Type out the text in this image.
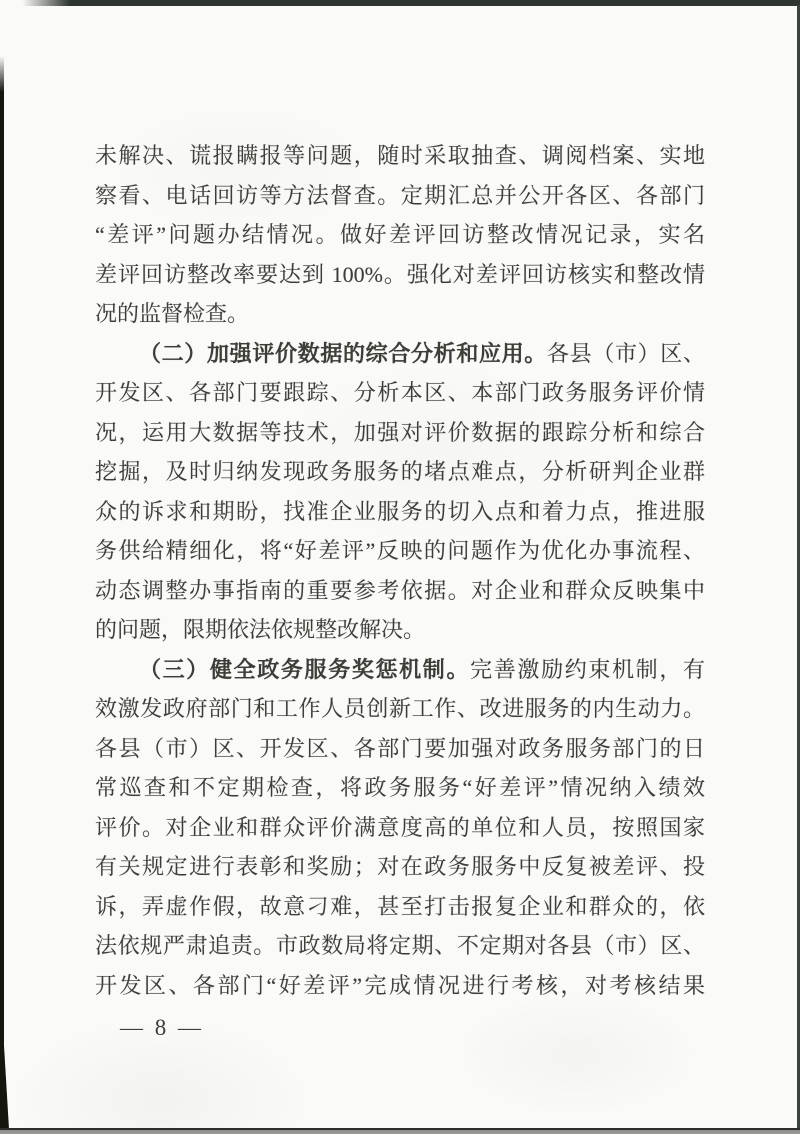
未解决、谎报瞒报等问题，随时采取抽查、调阅档案、实地
察看、电话回访等方法督查。定期汇总并公开各区、各部门
“差评”问题办结情况。做好差评回访整改情况记录，实名
差评回访整改率要达到 100%。强化对差评回访核实和整改情
况的监督检查。
（二）加强评价数据的综合分析和应用。各县（市）区、
开发区、各部门要跟踪、分析本区、本部门政务服务评价情
况，运用大数据等技术，加强对评价数据的跟踪分析和综合
挖掘，及时归纳发现政务服务的堵点难点，分析研判企业群
众的诉求和期盼，找准企业服务的切入点和着力点，推进服
务供给精细化，将“好差评”反映的问题作为优化办事流程、
动态调整办事指南的重要参考依据。对企业和群众反映集中
的问题，限期依法依规整改解决。
（三）健全政务服务奖惩机制。完善激励约束机制，有
效激发政府部门和工作人员创新工作、改进服务的内生动力。
各县（市）区、开发区、各部门要加强对政务服务部门的日
常巡查和不定期检查，将政务服务“好差评”情况纳入绩效
评价。对企业和群众评价满意度高的单位和人员，按照国家
有关规定进行表彰和奖励；对在政务服务中反复被差评、投
诉，弄虚作假，故意刁难，甚至打击报复企业和群众的，依
法依规严肃追责。市政数局将定期、不定期对各县（市）区、
开发区、各部门“好差评”完成情况进行考核，对考核结果
— 8 —
